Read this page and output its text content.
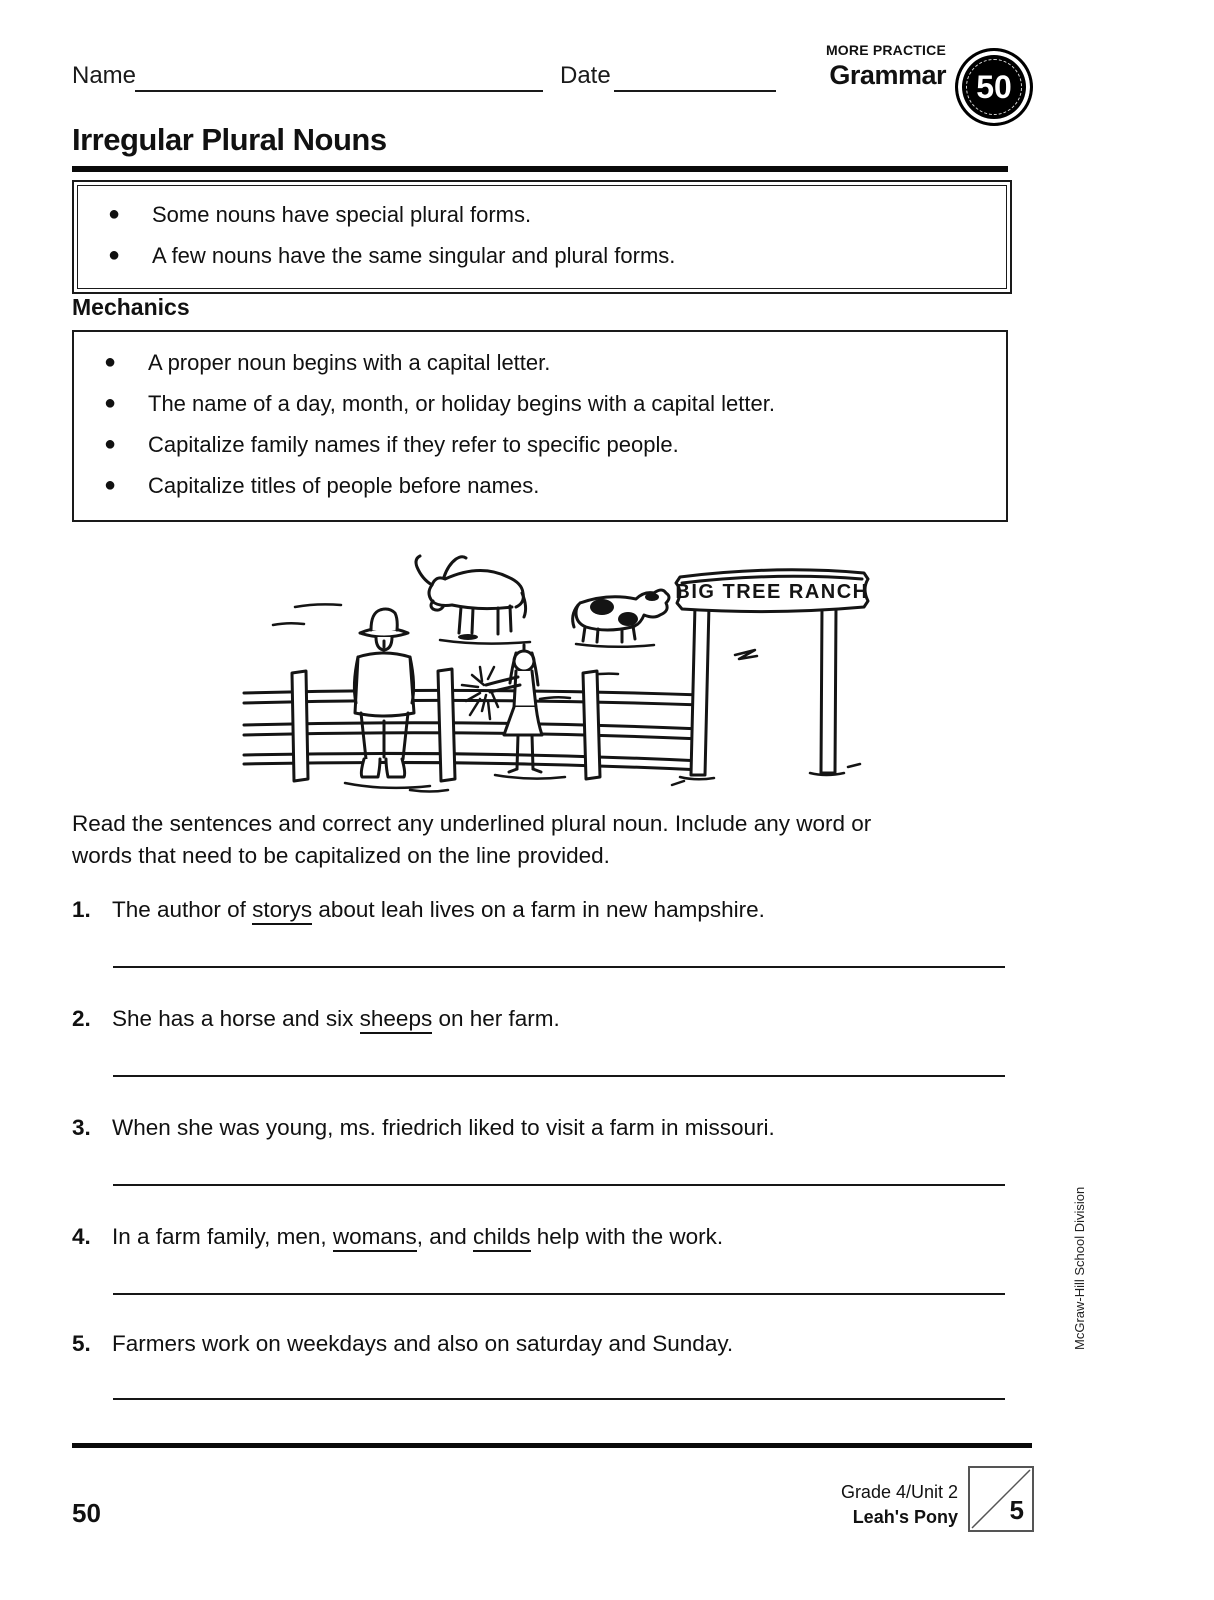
Name	Date
MORE PRACTICE
Grammar 50
Irregular Plural Nouns
●	Some nouns have special plural forms.
●	A few nouns have the same singular and plural forms.
Mechanics
●	A proper noun begins with a capital letter.
●	The name of a day, month, or holiday begins with a capital letter.
●	Capitalize family names if they refer to specific people.
●	Capitalize titles of people before names.
BIG TREE RANCH
Read the sentences and correct any underlined plural noun. Include any word or words that need to be capitalized on the line provided.
1. The author of storys about leah lives on a farm in new hampshire.
2. She has a horse and six sheeps on her farm.
3. When she was young, ms. friedrich liked to visit a farm in missouri.
4. In a farm family, men, womans, and childs help with the work.
5. Farmers work on weekdays and also on saturday and Sunday.
50
Grade 4/Unit 2
Leah's Pony 5
McGraw-Hill School Division
